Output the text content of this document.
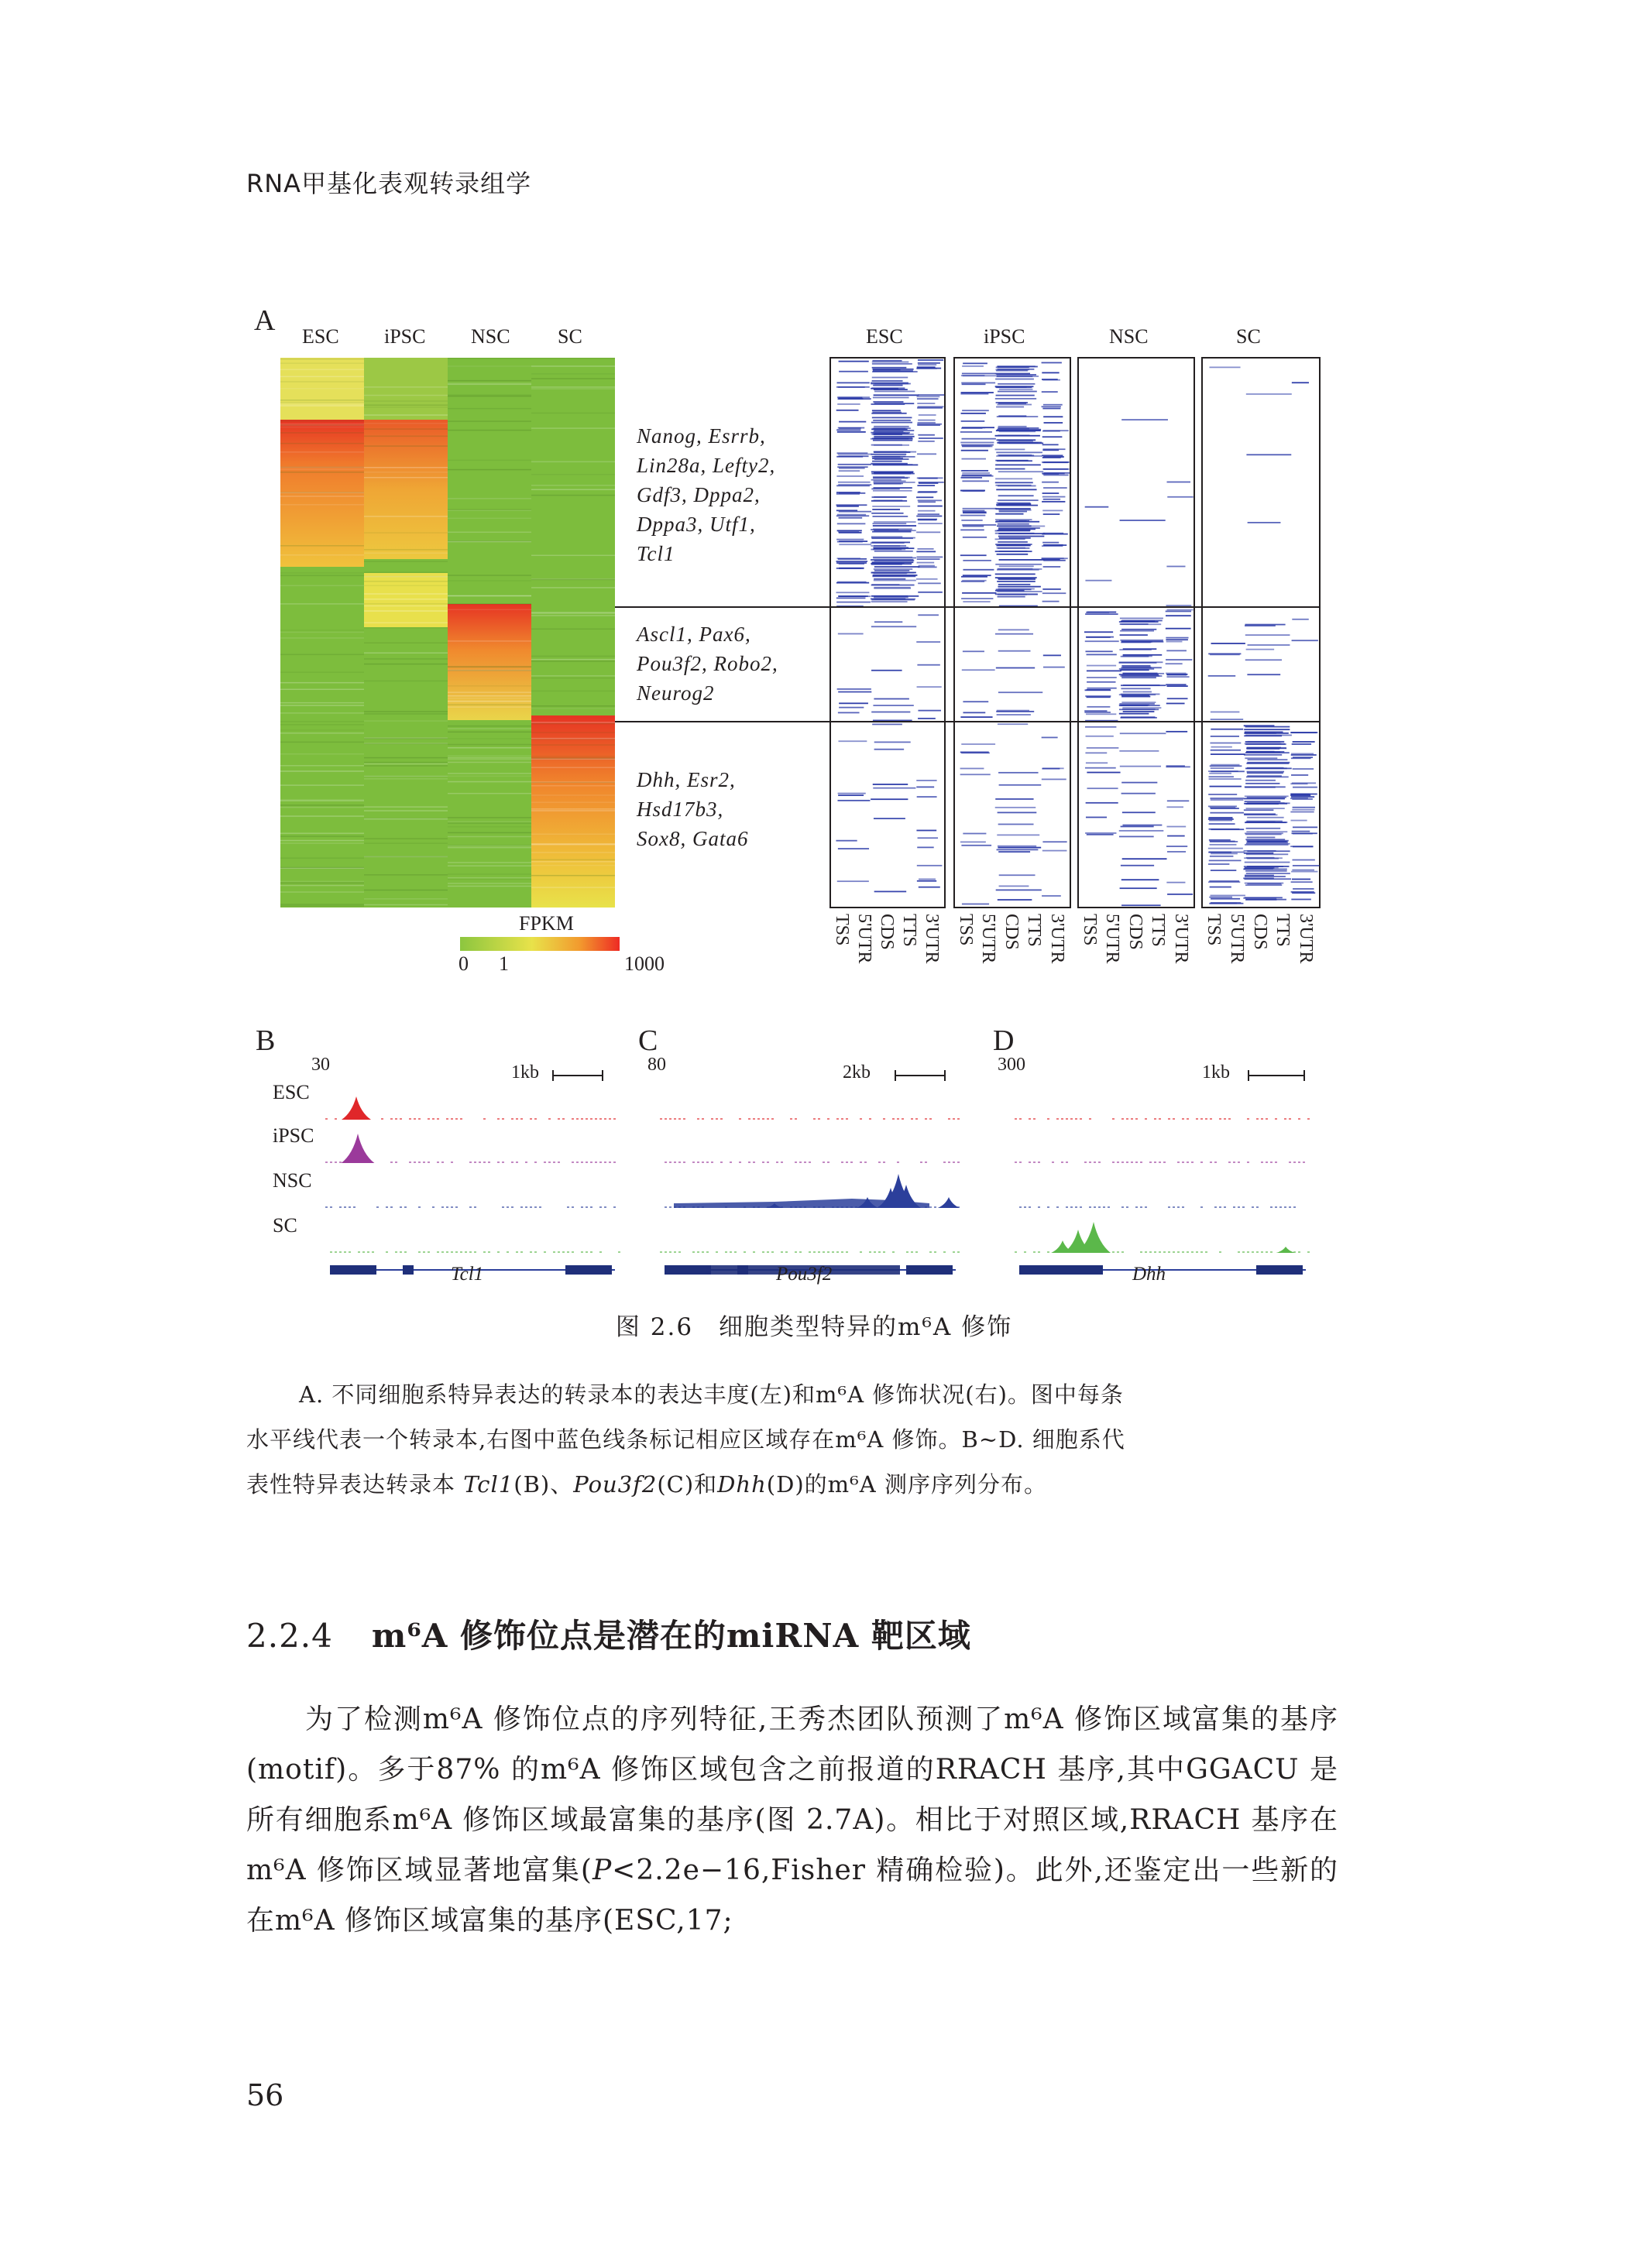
RNA甲基化表观转录组学
A ESC iPSC NSC SC
Nanog, Esrrb,
Lin28a, Lefty2,
Gdf3, Dppa2,
Dppa3, Utf1,
Tcl1
Ascl1, Pax6,
Pou3f2, Robo2,
Neurog2
Dhh, Esr2,
Hsd17b3,
Sox8, Gata6
FPKM
0 1	1000
ESC	iPSC	NSC	SC
TSS 5'UTR CDS TTS 3'UTR TSS 5'UTR CDS TTS 3'UTR TSS 5'UTR CDS TTS 3'UTR TSS 5'UTR CDS TTS 3'UTR
B	C	D
30	80	300
1kb	2kb	1kb
ESC
iPSC
NSC
SC
Tcl1	Pou3f2	Dhh
图 2.6　细胞类型特异的m⁶A 修饰
A. 不同细胞系特异表达的转录本的表达丰度(左)和m⁶A 修饰状况(右)。图中每条
水平线代表一个转录本,右图中蓝色线条标记相应区域存在m⁶A 修饰。B~D. 细胞系代
表性特异表达转录本 Tcl1(B)、Pou3f2(C)和Dhh(D)的m⁶A 测序序列分布。
2.2.4 m⁶A 修饰位点是潜在的miRNA 靶区域
　　为了检测m⁶A 修饰位点的序列特征,王秀杰团队预测了m⁶A 修饰区域富集的基序(motif)。多于87% 的m⁶A 修饰区域包含之前报道的RRACH 基序,其中GGACU 是所有细胞系m⁶A 修饰区域最富集的基序(图 2.7A)。相比于对照区域,RRACH 基序在m⁶A 修饰区域显著地富集(P<2.2e−16,Fisher 精确检验)。此外,还鉴定出一些新的在m⁶A 修饰区域富集的基序(ESC,17;
56
